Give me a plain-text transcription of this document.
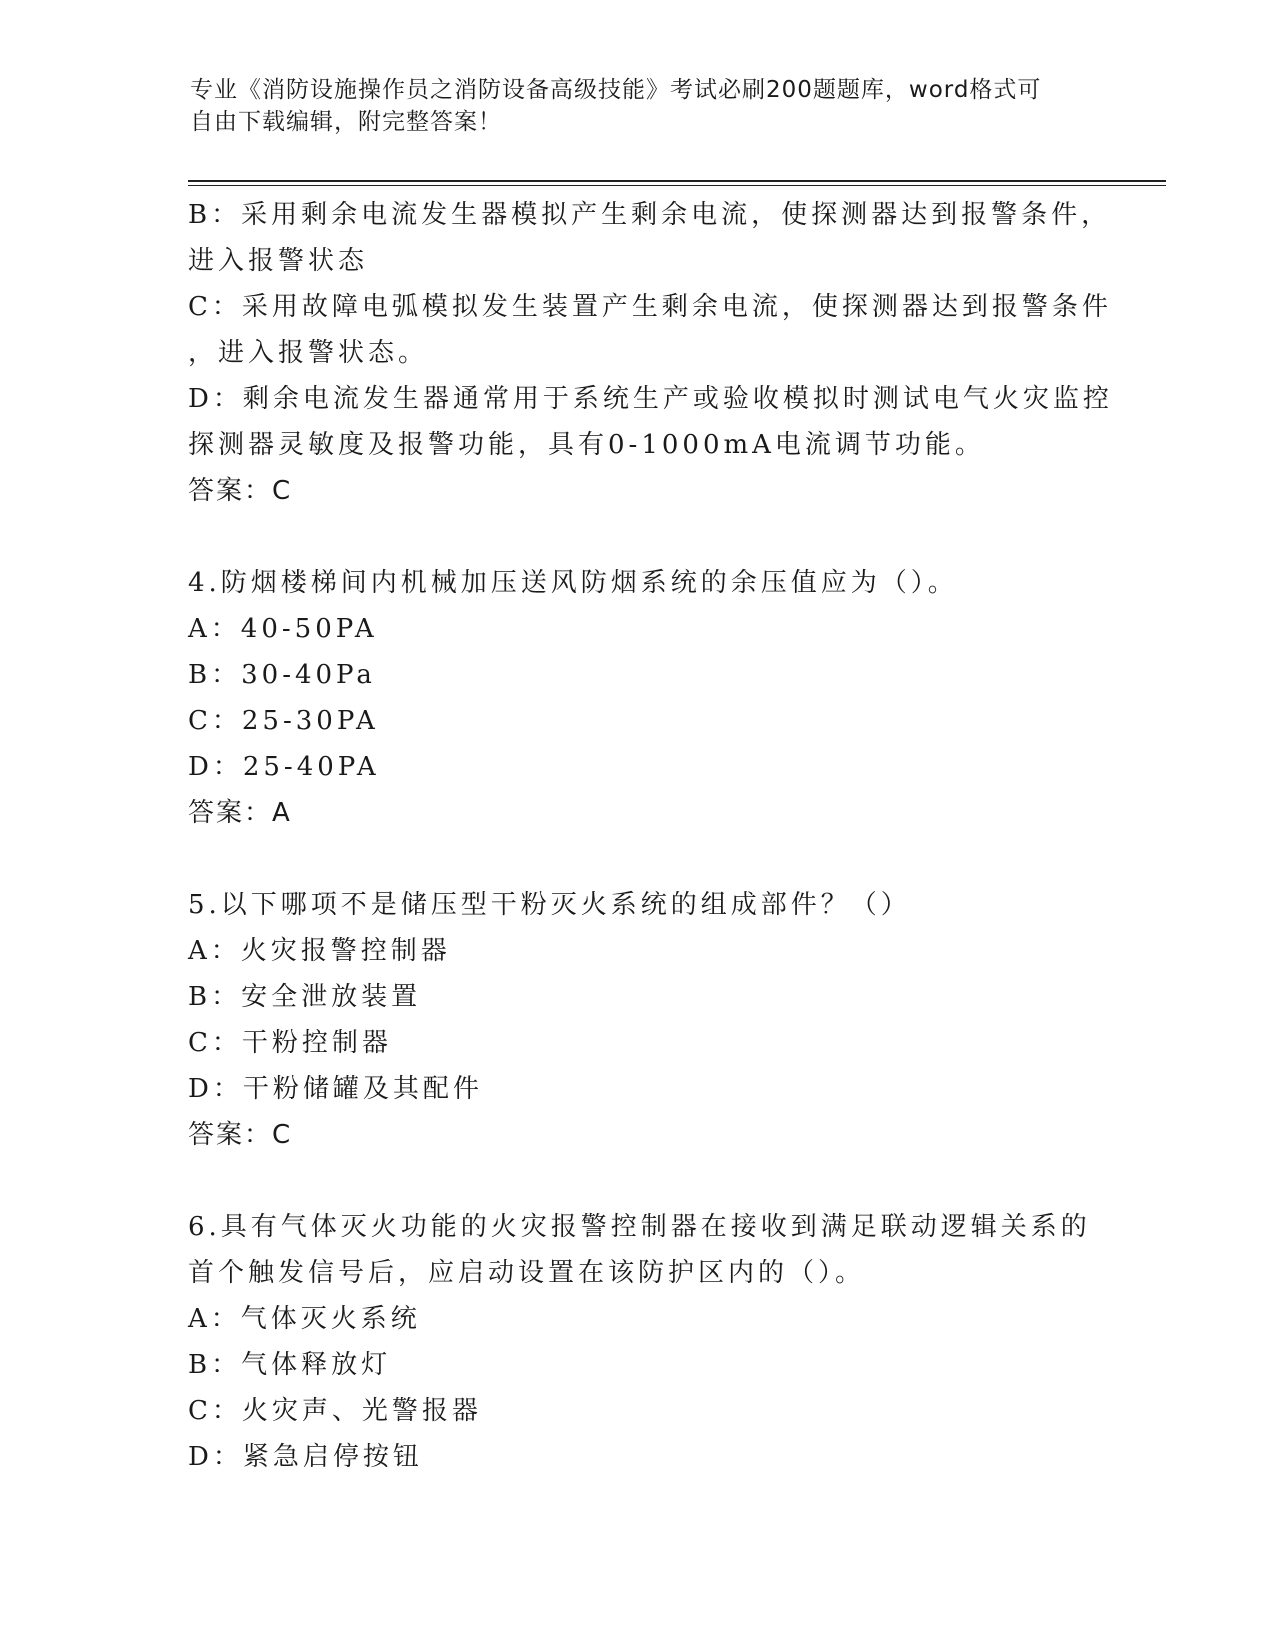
专业《消防设施操作员之消防设备高级技能》考试必刷200题题库，word格式可
自由下载编辑，附完整答案！
B：采用剩余电流发生器模拟产生剩余电流，使探测器达到报警条件，
进入报警状态
C：采用故障电弧模拟发生装置产生剩余电流，使探测器达到报警条件
，进入报警状态。
D：剩余电流发生器通常用于系统生产或验收模拟时测试电气火灾监控
探测器灵敏度及报警功能，具有0-1000mA电流调节功能。
答案：C
4.防烟楼梯间内机械加压送风防烟系统的余压值应为（）。
A：40-50PA
B：30-40Pa
C：25-30PA
D：25-40PA
答案：A
5.以下哪项不是储压型干粉灭火系统的组成部件？（）
A：火灾报警控制器
B：安全泄放装置
C：干粉控制器
D：干粉储罐及其配件
答案：C
6.具有气体灭火功能的火灾报警控制器在接收到满足联动逻辑关系的
首个触发信号后，应启动设置在该防护区内的（）。
A：气体灭火系统
B：气体释放灯
C：火灾声、光警报器
D：紧急启停按钮
